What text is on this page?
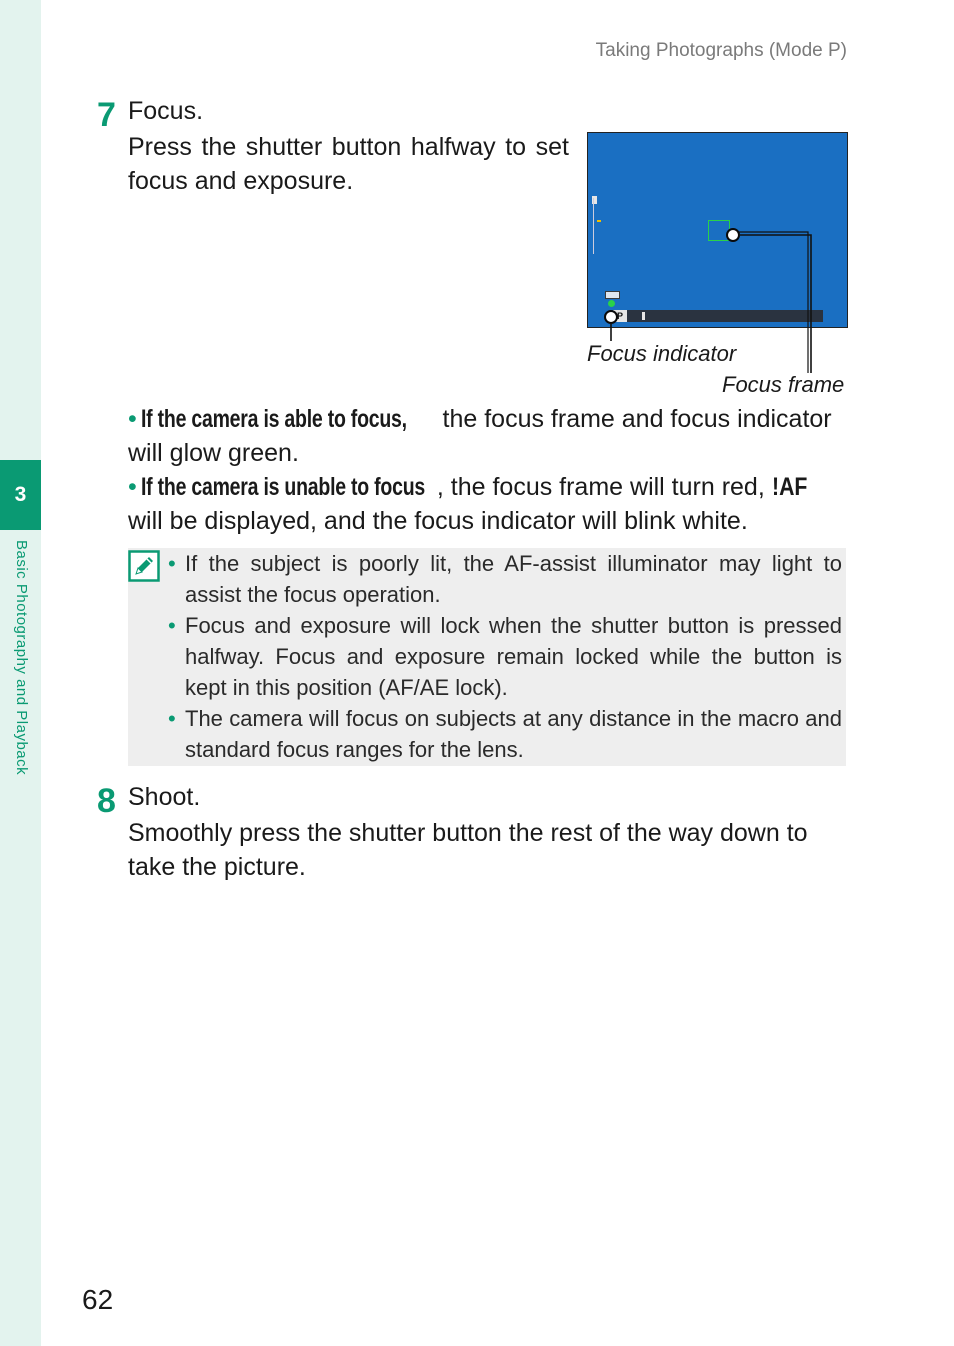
3
Basic Photography and Playback
Taking Photographs (Mode P)
7 Focus.
Press the shutter button halfway to set focus and exposure.
P
Focus indicator
Focus frame
• If the camera is able to focus, the focus frame and focus indicator will glow green.
• If the camera is unable to focus , the focus frame will turn red, !AF will be displayed, and the focus indicator will blink white.
• If the subject is poorly lit, the AF-assist illuminator may light to assist the focus operation.
• Focus and exposure will lock when the shutter button is pressed halfway. Focus and exposure remain locked while the button is kept in this position (AF/AE lock).
• The camera will focus on subjects at any distance in the macro and standard focus ranges for the lens.
8 Shoot.
Smoothly press the shutter button the rest of the way down to take the picture.
62
